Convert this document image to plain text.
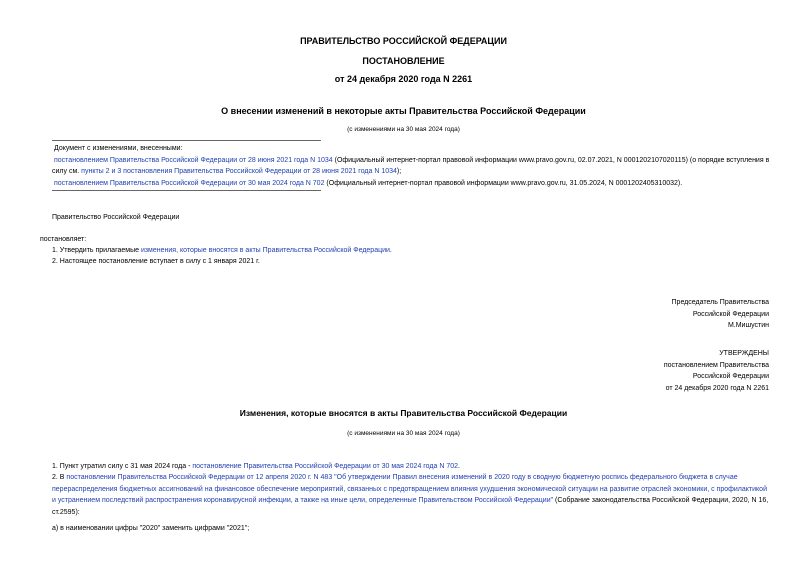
ПРАВИТЕЛЬСТВО РОССИЙСКОЙ ФЕДЕРАЦИИ
ПОСТАНОВЛЕНИЕ
от 24 декабря 2020 года N 2261
О внесении изменений в некоторые акты Правительства Российской Федерации
(с изменениями на 30 мая 2024 года)
Документ с изменениями, внесенными:
постановлением Правительства Российской Федерации от 28 июня 2021 года N 1034 (Официальный интернет-портал правовой информации www.pravo.gov.ru, 02.07.2021, N 0001202107020115) (о порядке вступления в силу см. пункты 2 и 3 постановления Правительства Российской Федерации от 28 июня 2021 года N 1034);
постановлением Правительства Российской Федерации от 30 мая 2024 года N 702 (Официальный интернет-портал правовой информации www.pravo.gov.ru, 31.05.2024, N 0001202405310032).
Правительство Российской Федерации
постановляет:
1. Утвердить прилагаемые изменения, которые вносятся в акты Правительства Российской Федерации.
2. Настоящее постановление вступает в силу с 1 января 2021 г.
Председатель Правительства
Российской Федерации
М.Мишустин
УТВЕРЖДЕНЫ
постановлением Правительства
Российской Федерации
от 24 декабря 2020 года N 2261
Изменения, которые вносятся в акты Правительства Российской Федерации
(с изменениями на 30 мая 2024 года)
1. Пункт утратил силу с 31 мая 2024 года - постановление Правительства Российской Федерации от 30 мая 2024 года N 702.
2. В постановлении Правительства Российской Федерации от 12 апреля 2020 г. N 483 "Об утверждении Правил внесения изменений в 2020 году в сводную бюджетную роспись федерального бюджета в случае перераспределения бюджетных ассигнований на финансовое обеспечение мероприятий, связанных с предотвращением влияния ухудшения экономической ситуации на развитие отраслей экономики, с профилактикой и устранением последствий распространения коронавирусной инфекции, а также на иные цели, определенные Правительством Российской Федерации" (Собрание законодательства Российской Федерации, 2020, N 16, ст.2595):
а) в наименовании цифры "2020" заменить цифрами "2021";
